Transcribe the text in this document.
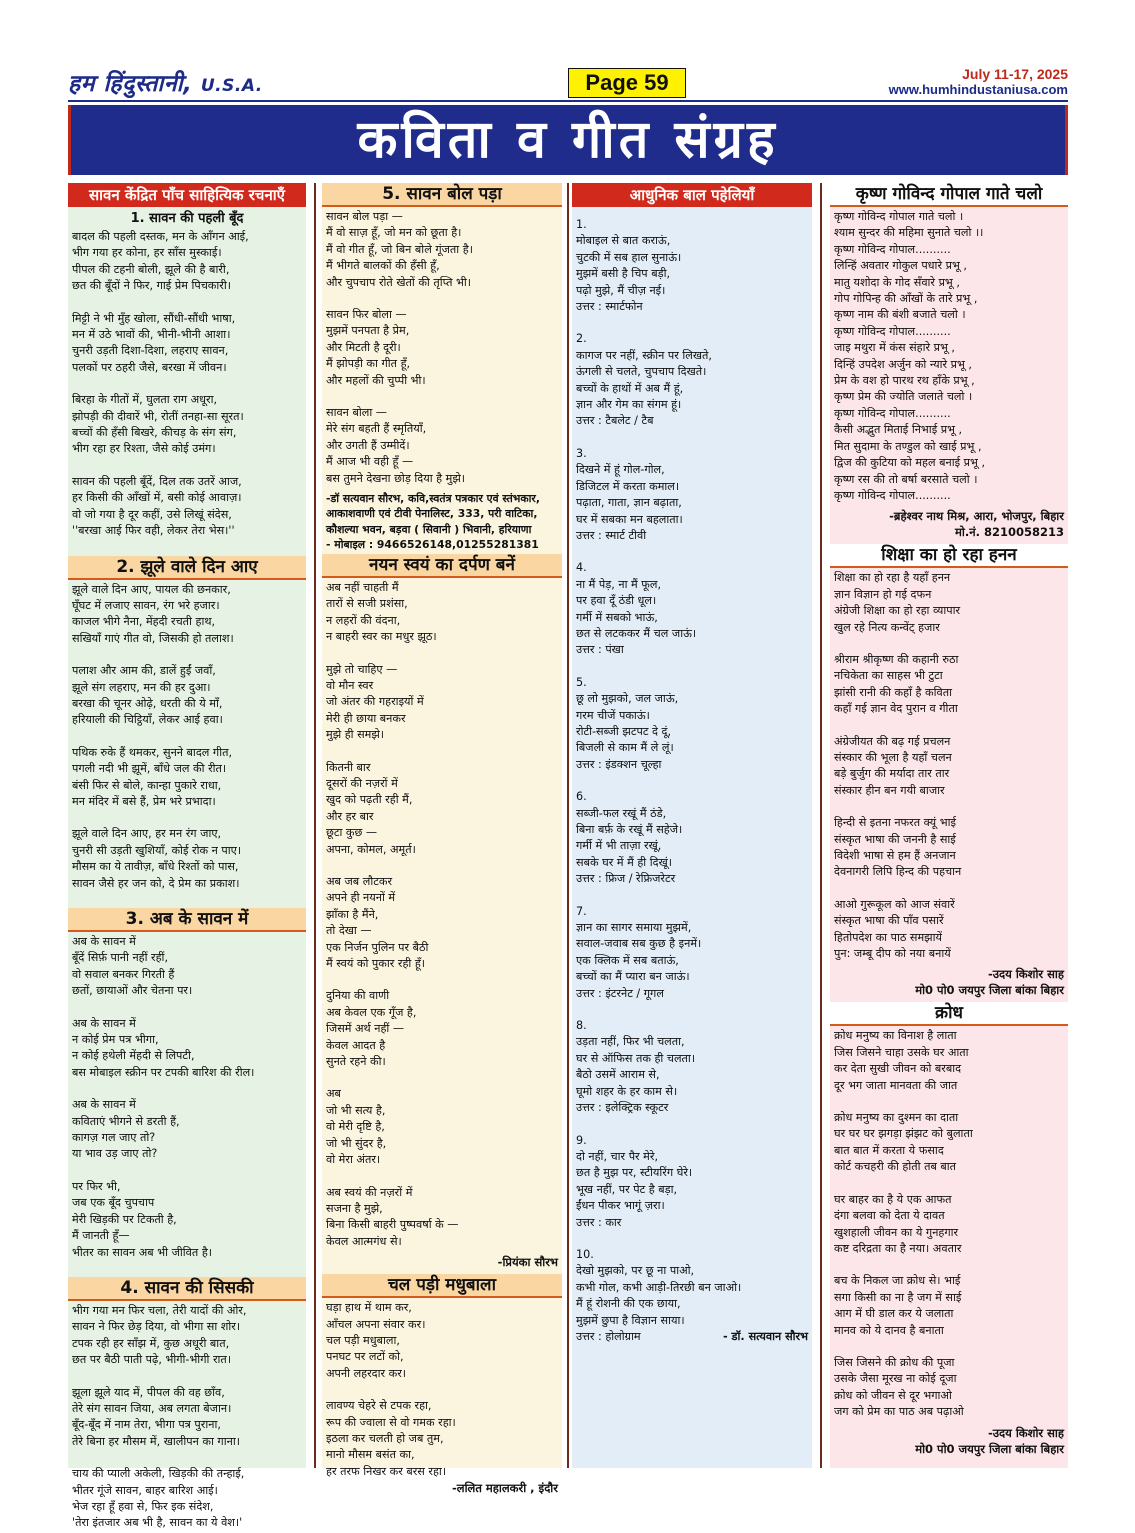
हम हिंदुस्तानी, U.S.A.	Page 59	July 11-17, 2025
www.humhindustaniusa.com
कविता व गीत संग्रह
सावन केंद्रित पाँच साहित्यिक रचनाएँ
1. सावन की पहली बूँद
बादल की पहली दस्तक, मन के आँगन आई,
भीग गया हर कोना, हर साँस मुस्काई।
पीपल की टहनी बोली, झूले की है बारी,
छत की बूँदों ने फिर, गाई प्रेम पिचकारी।
मिट्टी ने भी मुँह खोला, सौंधी-सौंधी भाषा,
मन में उठे भावों की, भीनी-भीनी आशा।
चुनरी उड़ती दिशा-दिशा, लहराए सावन,
पलकों पर ठहरी जैसे, बरखा में जीवन।
बिरहा के गीतों में, घुलता राग अधूरा,
झोपड़ी की दीवारें भी, रोतीं तनहा-सा सूरत।
बच्चों की हँसी बिखरे, कीचड़ के संग संग,
भीग रहा हर रिश्ता, जैसे कोई उमंग।
सावन की पहली बूँदें, दिल तक उतरें आज,
हर किसी की आँखों में, बसी कोई आवाज़।
वो जो गया है दूर कहीं, उसे लिखूं संदेस,
''बरखा आई फिर वही, लेकर तेरा भेस।''
2. झूले वाले दिन आए
झूले वाले दिन आए, पायल की छनकार,
घूँघट में लजाए सावन, रंग भरे हजार।
काजल भीगे नैना, मेंहदी रचती हाथ,
सखियाँ गाएं गीत वो, जिसकी हो तलाश।
पलाश और आम की, डालें हुईं जवाँ,
झूले संग लहराए, मन की हर दुआ।
बरखा की चूनर ओढ़े, धरती की ये माँ,
हरियाली की चिट्ठियाँ, लेकर आई हवा।
पथिक रुके हैं थमकर, सुनने बादल गीत,
पगली नदी भी झूमें, बाँधे जल की रीत।
बंसी फिर से बोले, कान्हा पुकारे राधा,
मन मंदिर में बसे हैं, प्रेम भरे प्रभादा।
झूले वाले दिन आए, हर मन रंग जाए,
चुनरी सी उड़ती खुशियाँ, कोई रोक न पाए।
मौसम का ये तावीज़, बाँधे रिश्तों को पास,
सावन जैसे हर जन को, दे प्रेम का प्रकाश।
3. अब के सावन में
अब के सावन में
बूँदें सिर्फ़ पानी नहीं रहीं,
वो सवाल बनकर गिरती हैं
छतों, छायाओं और चेतना पर।
अब के सावन में
न कोई प्रेम पत्र भीगा,
न कोई हथेली मेंहदी से लिपटी,
बस मोबाइल स्क्रीन पर टपकी बारिश की रील।
अब के सावन में
कविताएं भीगने से डरती हैं,
कागज़ गल जाए तो?
या भाव उड़ जाए तो?
पर फिर भी,
जब एक बूँद चुपचाप
मेरी खिड़की पर टिकती है,
मैं जानती हूँ—
भीतर का सावन अब भी जीवित है।
4. सावन की सिसकी
भीग गया मन फिर चला, तेरी यादों की ओर,
सावन ने फिर छेड़ दिया, वो भीगा सा शोर।
टपक रही हर साँझ में, कुछ अधूरी बात,
छत पर बैठी पाती पढ़े, भीगी-भीगी रात।
झूला झूले याद में, पीपल की वह छाँव,
तेरे संग सावन जिया, अब लगता बेजान।
बूँद-बूँद में नाम तेरा, भीगा पत्र पुराना,
तेरे बिना हर मौसम में, खालीपन का गाना।
चाय की प्याली अकेली, खिड़की की तन्हाई,
भीतर गूंजे सावन, बाहर बारिश आई।
भेज रहा हूँ हवा से, फिर इक संदेश,
'तेरा इंतजार अब भी है, सावन का ये वेश।'
5. सावन बोल पड़ा
सावन बोल पड़ा —
मैं वो साज़ हूँ, जो मन को छूता है।
मैं वो गीत हूँ, जो बिन बोले गूंजता है।
मैं भीगते बालकों की हँसी हूँ,
और चुपचाप रोते खेतों की तृप्ति भी।
सावन फिर बोला —
मुझमें पनपता है प्रेम,
और मिटती है दूरी।
मैं झोपड़ी का गीत हूँ,
और महलों की चुप्पी भी।
सावन बोला —
मेरे संग बहती हैं स्मृतियाँ,
और उगती हैं उम्मीदें।
मैं आज भी वही हूँ —
बस तुमने देखना छोड़ दिया है मुझे।
-डॉ सत्यवान सौरभ, कवि,स्वतंत्र पत्रकार एवं स्तंभकार,
आकाशवाणी एवं टीवी पेनालिस्ट, 333, परी वाटिका,
कौशल्या भवन, बड़वा ( सिवानी ) भिवानी, हरियाणा
- मोबाइल : 9466526148,01255281381
नयन स्वयं का दर्पण बनें
अब नहीं चाहती मैं
तारों से सजी प्रशंसा,
न लहरों की वंदना,
न बाहरी स्वर का मधुर झूठ।
मुझे तो चाहिए —
वो मौन स्वर
जो अंतर की गहराइयों में
मेरी ही छाया बनकर
मुझे ही समझे।
कितनी बार
दूसरों की नज़रों में
खुद को पढ़ती रही मैं,
और हर बार
छूटा कुछ —
अपना, कोमल, अमूर्त।
अब जब लौटकर
अपने ही नयनों में
झाँका है मैंने,
तो देखा —
एक निर्जन पुलिन पर बैठी
मैं स्वयं को पुकार रही हूँ।
दुनिया की वाणी
अब केवल एक गूँज है,
जिसमें अर्थ नहीं —
केवल आदत है
सुनते रहने की।
अब
जो भी सत्य है,
वो मेरी दृष्टि है,
जो भी सुंदर है,
वो मेरा अंतर।
अब स्वयं की नज़रों में
सजना है मुझे,
बिना किसी बाहरी पुष्पवर्षा के —
केवल आत्मगंध से।
-प्रियंका सौरभ
चल पड़ी मधुबाला
घड़ा हाथ में थाम कर,
आँचल अपना संवार कर।
चल पड़ी मधुबाला,
पनघट पर लटों को,
अपनी लहरदार कर।
लावण्य चेहरे से टपक रहा,
रूप की ज्वाला से वो गमक रहा।
इठला कर चलती हो जब तुम,
मानो मौसम बसंत का,
हर तरफ निखर कर बरस रहा।
-ललित महालकरी , इंदौर
आधुनिक बाल पहेलियाँ
1.
मोबाइल से बात कराऊं,
चुटकी में सब हाल सुनाऊं।
मुझमें बसी है चिप बड़ी,
पढ़ो मुझे, मैं चीज़ नई।
उत्तर : स्मार्टफोन
2.
कागज पर नहीं, स्क्रीन पर लिखते,
ऊंगली से चलते, चुपचाप दिखते।
बच्चों के हाथों में अब मैं हूं,
ज्ञान और गेम का संगम हूं।
उत्तर : टैबलेट / टैब
3.
दिखने में हूं गोल-गोल,
डिजिटल में करता कमाल।
पढ़ाता, गाता, ज्ञान बढ़ाता,
घर में सबका मन बहलाता।
उत्तर : स्मार्ट टीवी
4.
ना मैं पेड़, ना मैं फूल,
पर हवा दूँ ठंडी धूल।
गर्मी में सबको भाऊं,
छत से लटककर मैं चल जाऊं।
उत्तर : पंखा
5.
छू लो मुझको, जल जाऊं,
गरम चीजें पकाऊं।
रोटी-सब्जी झटपट दे दूं,
बिजली से काम मैं ले लूं।
उत्तर : इंडक्शन चूल्हा
6.
सब्जी-फल रखूं मैं ठंडे,
बिना बर्फ़ के रखूं मैं सहेजे।
गर्मी में भी ताज़ा रखूं,
सबके घर में मैं ही दिखूं।
उत्तर : फ्रिज / रेफ्रिजरेटर
7.
ज्ञान का सागर समाया मुझमें,
सवाल-जवाब सब कुछ है इनमें।
एक क्लिक में सब बताऊं,
बच्चों का मैं प्यारा बन जाऊं।
उत्तर : इंटरनेट / गूगल
8.
उड़ता नहीं, फिर भी चलता,
घर से ऑफिस तक ही चलता।
बैठो उसमें आराम से,
घूमो शहर के हर काम से।
उत्तर : इलेक्ट्रिक स्कूटर
9.
दो नहीं, चार पैर मेरे,
छत है मुझ पर, स्टीयरिंग घेरे।
भूख नहीं, पर पेट है बड़ा,
ईंधन पीकर भागूं ज़रा।
उत्तर : कार
10.
देखो मुझको, पर छू ना पाओ,
कभी गोल, कभी आड़ी-तिरछी बन जाओ।
मैं हूं रोशनी की एक छाया,
मुझमें छुपा है विज्ञान साया।
उत्तर : होलोग्राम	- डॉ. सत्यवान सौरभ
कृष्ण गोविन्द गोपाल गाते चलो
कृष्ण गोविन्द गोपाल गाते चलो ।
श्याम सुन्दर की महिमा सुनाते चलो ।।
कृष्ण गोविन्द गोपाल..........
लिन्हिं अवतार गोकुल पधारे प्रभू ,
मातु यशोदा के गोद सँवारे प्रभू ,
गोप गोपिन्ह की आँखों के तारे प्रभू ,
कृष्ण नाम की बंशी बजाते चलो ।
कृष्ण गोविन्द गोपाल..........
जाइ मथुरा में कंस संहारे प्रभू ,
दिन्हिं उपदेश अर्जुन को न्यारे प्रभू ,
प्रेम के वश हो पारथ रथ हाँके प्रभू ,
कृष्ण प्रेम की ज्योति जलाते चलो ।
कृष्ण गोविन्द गोपाल..........
कैसी अद्भुत मिताई निभाई प्रभू ,
मित सुदामा के तण्डुल को खाई प्रभू ,
द्विज की कुटिया को महल बनाई प्रभू ,
कृष्ण रस की तो बर्षा बरसाते चलो ।
कृष्ण गोविन्द गोपाल..........
-ब्रहेश्वर नाथ मिश्र, आरा, भोजपुर, बिहार
मो.नं. 8210058213
शिक्षा का हो रहा हनन
शिक्षा का हो रहा है यहाँ हनन
ज्ञान विज्ञान हो गई दफन
अंग्रेजी शिक्षा का हो रहा व्यापार
खुल रहे नित्य कन्वेंट् हजार
श्रीराम श्रीकृष्ण की कहानी रुठा
नचिकेता का साहस भी टुटा
झांसी रानी की कहाँ है कविता
कहाँ गई ज्ञान वेद पुरान व गीता
अंग्रेजीयत की बढ़ गई प्रचलन
संस्कार की भूला है यहाँ चलन
बड़े बुर्जुग की मर्यादा तार तार
संस्कार हीन बन गयी बाजार
हिन्दी से इतना नफरत क्यूं भाई
संस्कृत भाषा की जननी है साई
विदेशी भाषा से हम हैं अनजान
देवनागरी लिपि हिन्द की पहचान
आओ गुरूकूल को आज संवारें
संस्कृत भाषा की पाँव पसारें
हितोपदेश का पाठ समझायें
पुन: जम्बू दीप को नया बनायें
-उदय किशोर साह
मो0 पो0 जयपुर जिला बांका बिहार
क्रोध
क्रोध मनुष्य का विनाश है लाता
जिस जिसने चाहा उसके घर आता
कर देता सुखी जीवन को बरबाद
दूर भग जाता मानवता की जात
क्रोध मनुष्य का दुश्मन का दाता
घर घर घर झगड़ा झंझट को बुलाता
बात बात में करता ये फसाद
कोर्ट कचहरी की होती तब बात
घर बाहर का है ये एक आफत
दंगा बलवा को देता ये दावत
खुशहाली जीवन का ये गुनहगार
कष्ट दरिद्रता का है नया। अवतार
बच के निकल जा क्रोध से। भाई
सगा किसी का ना है जग में साई
आग में घी डाल कर ये जलाता
मानव को ये दानव है बनाता
जिस जिसने की क्रोध की पूजा
उसके जैसा मूरख ना कोई दूजा
क्रोध को जीवन से दूर भगाओ
जग को प्रेम का पाठ अब पढ़ाओ
-उदय किशोर साह
मो0 पो0 जयपुर जिला बांका बिहार
